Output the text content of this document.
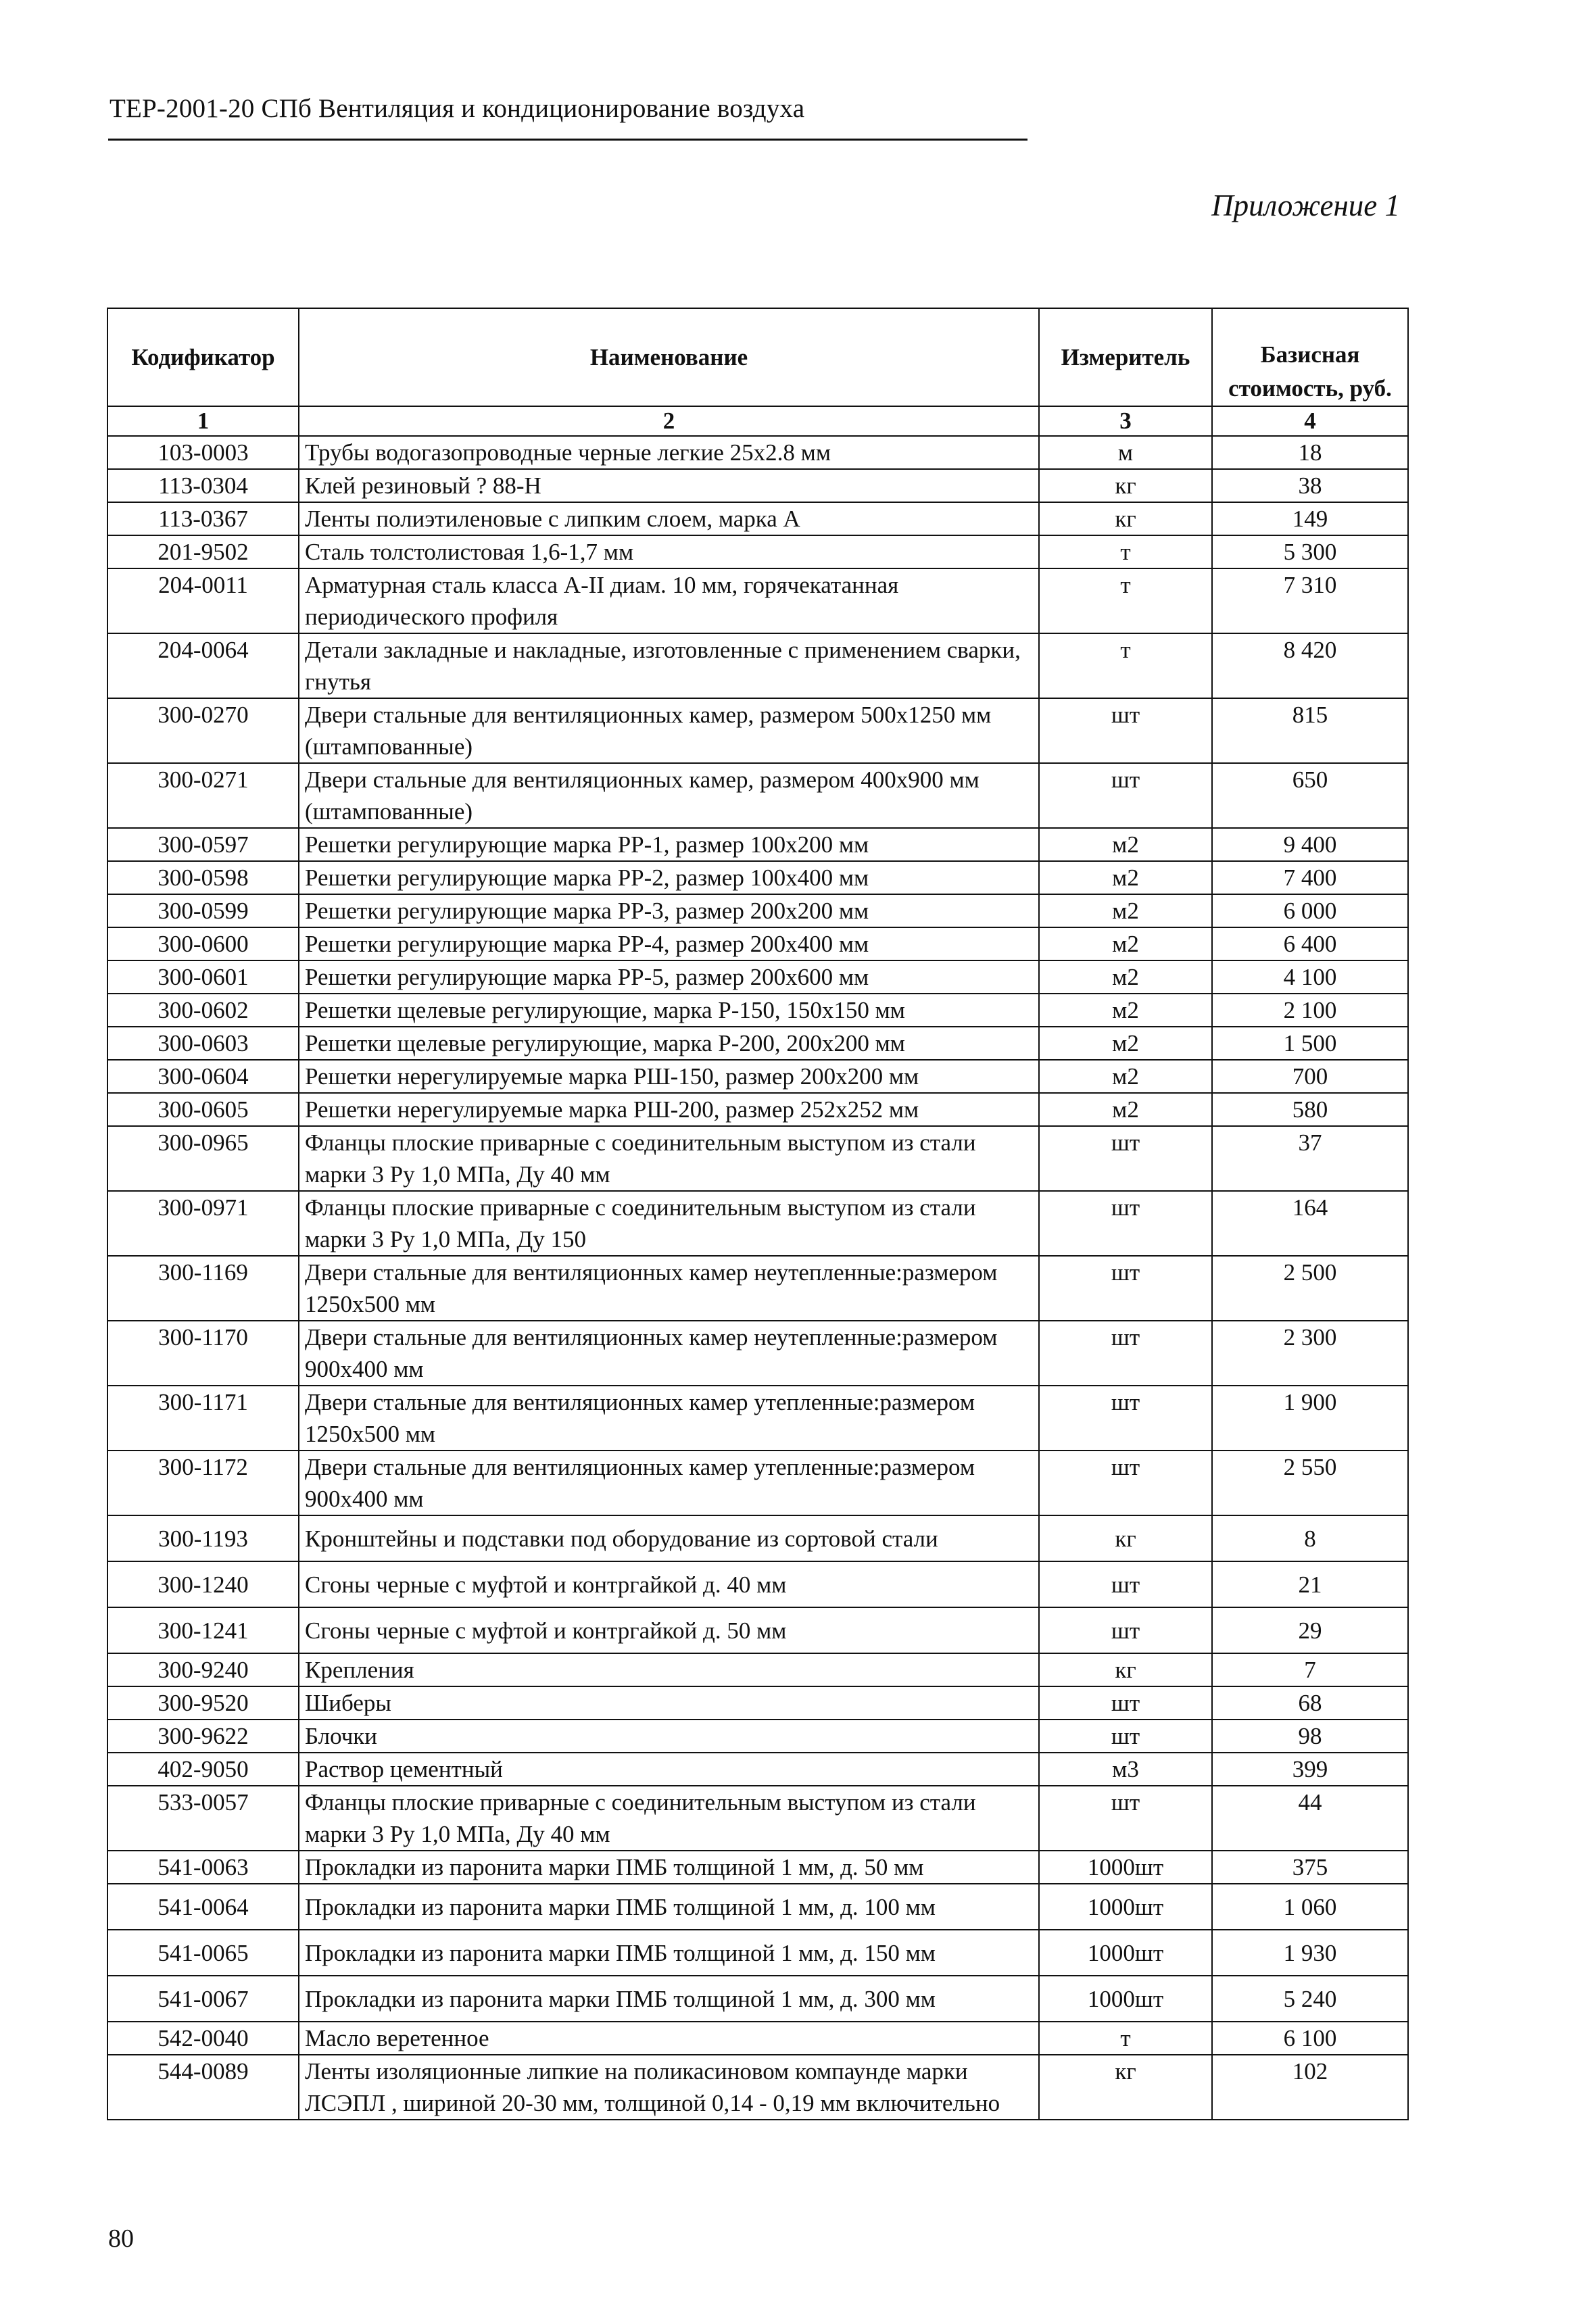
ТЕР-2001-20 СПб Вентиляция и кондиционирование воздуха
Приложение 1
Кодификатор	Наименование	Измеритель	Базисная стоимость, руб.
1	2	3	4
103-0003	Трубы водогазопроводные черные легкие 25х2.8 мм	м	18
113-0304	Клей резиновый ? 88-Н	кг	38
113-0367	Ленты полиэтиленовые с липким слоем, марка А	кг	149
201-9502	Сталь толстолистовая 1,6-1,7 мм	т	5 300
204-0011	Арматурная сталь класса А-II диам. 10 мм, горячекатанная периодического профиля	т	7 310
204-0064	Детали закладные и накладные, изготовленные с применением сварки, гнутья	т	8 420
300-0270	Двери стальные для вентиляционных камер, размером 500х1250 мм (штампованные)	шт	815
300-0271	Двери стальные для вентиляционных камер, размером 400х900 мм (штампованные)	шт	650
300-0597	Решетки регулирующие марка РР-1, размер 100х200 мм	м2	9 400
300-0598	Решетки регулирующие марка РР-2, размер 100х400 мм	м2	7 400
300-0599	Решетки регулирующие марка РР-3, размер 200х200 мм	м2	6 000
300-0600	Решетки регулирующие марка РР-4, размер 200х400 мм	м2	6 400
300-0601	Решетки регулирующие марка РР-5, размер 200х600 мм	м2	4 100
300-0602	Решетки щелевые регулирующие, марка Р-150, 150х150 мм	м2	2 100
300-0603	Решетки щелевые регулирующие, марка Р-200, 200х200 мм	м2	1 500
300-0604	Решетки нерегулируемые марка РШ-150, размер 200х200 мм	м2	700
300-0605	Решетки нерегулируемые марка РШ-200, размер 252х252 мм	м2	580
300-0965	Фланцы плоские приварные с соединительным выступом из стали марки 3 Ру 1,0 МПа, Ду 40 мм	шт	37
300-0971	Фланцы плоские приварные с соединительным выступом из стали марки 3 Ру 1,0 МПа, Ду 150	шт	164
300-1169	Двери стальные для вентиляционных камер неутепленные:размером 1250х500 мм	шт	2 500
300-1170	Двери стальные для вентиляционных камер неутепленные:размером 900х400 мм	шт	2 300
300-1171	Двери стальные для вентиляционных камер утепленные:размером 1250х500 мм	шт	1 900
300-1172	Двери стальные для вентиляционных камер утепленные:размером 900х400 мм	шт	2 550
300-1193	Кронштейны и подставки под оборудование из сортовой стали	кг	8
300-1240	Сгоны черные с муфтой и контргайкой д. 40 мм	шт	21
300-1241	Сгоны черные с муфтой и контргайкой д. 50 мм	шт	29
300-9240	Крепления	кг	7
300-9520	Шиберы	шт	68
300-9622	Блочки	шт	98
402-9050	Раствор цементный	м3	399
533-0057	Фланцы плоские приварные с соединительным выступом из стали марки 3 Ру 1,0 МПа, Ду 40 мм	шт	44
541-0063	Прокладки из паронита марки ПМБ толщиной 1 мм, д. 50 мм	1000шт	375
541-0064	Прокладки из паронита марки ПМБ толщиной 1 мм, д. 100 мм	1000шт	1 060
541-0065	Прокладки из паронита марки ПМБ толщиной 1 мм, д. 150 мм	1000шт	1 930
541-0067	Прокладки из паронита марки ПМБ толщиной 1 мм, д. 300 мм	1000шт	5 240
542-0040	Масло веретенное	т	6 100
544-0089	Ленты изоляционные липкие на поликасиновом компаунде марки ЛСЭПЛ , шириной 20-30 мм, толщиной 0,14 - 0,19 мм включительно	кг	102
80
